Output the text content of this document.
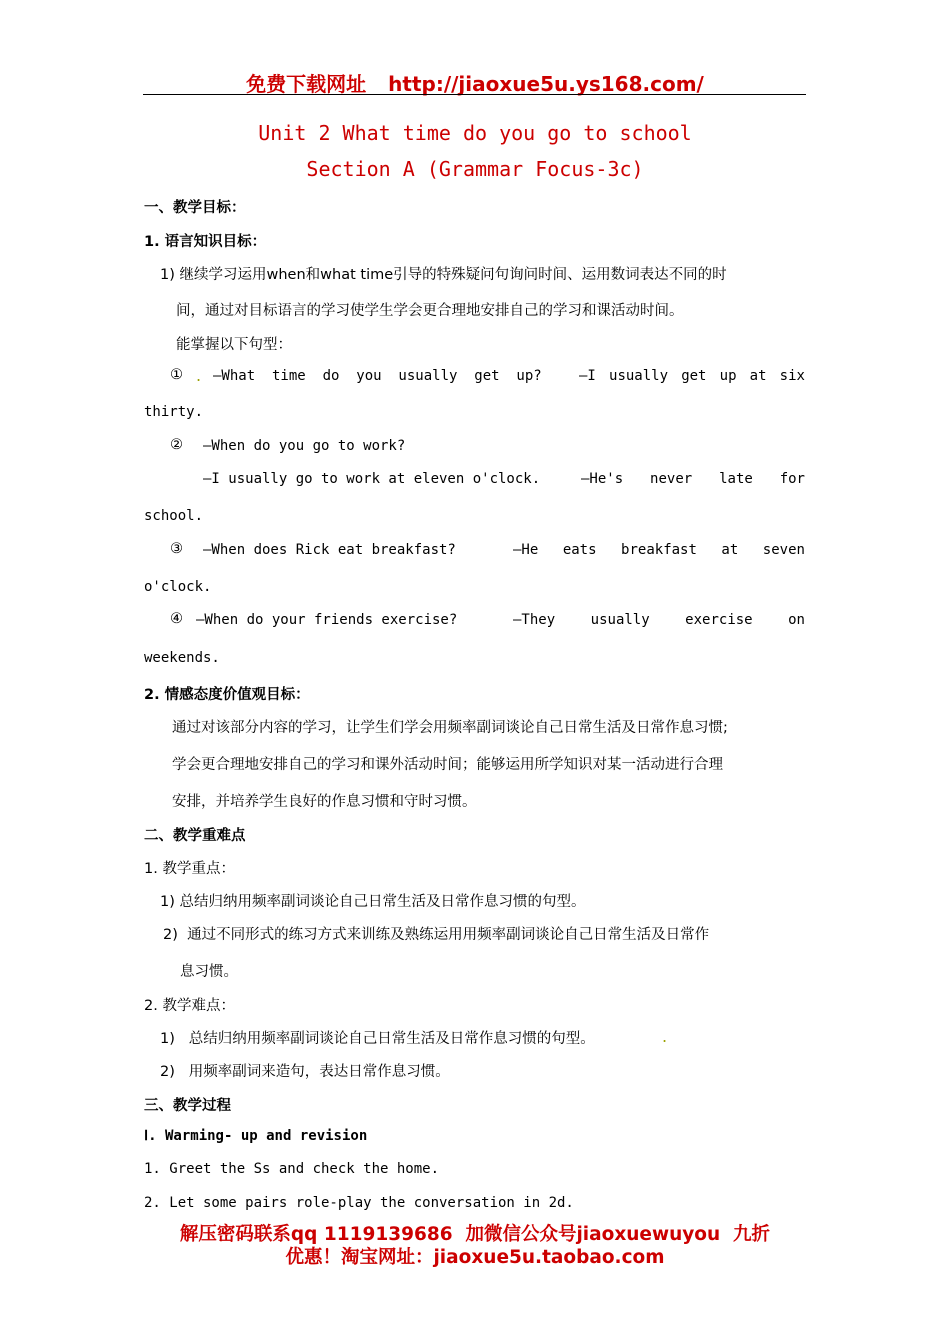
免费下载网址 http://jiaoxue5u.ys168.com/
Unit 2 What time do you go to school
Section A (Grammar Focus-3c)
一、教学目标：
1. 语言知识目标：
1) 继续学习运用when和what time引导的特殊疑问句询问时间、运用数词表达不同的时
间，通过对目标语言的学习使学生学会更合理地安排自己的学习和课活动时间。
能掌握以下句型：
① . —What  time  do  you  usually  get  up?	—I usually get up at six
thirty.
② —When do you go to work?
—I usually go to work at eleven o'clock.	—He's never late for
school.
③ —When does Rick eat breakfast?	—He eats breakfast at seven
o'clock.
④ —When do your friends exercise?	—They	usually	exercise	on
weekends.
2. 情感态度价值观目标：
通过对该部分内容的学习，让学生们学会用频率副词谈论自己日常生活及日常作息习惯;
学会更合理地安排自己的学习和课外活动时间；能够运用所学知识对某一活动进行合理
安排，并培养学生良好的作息习惯和守时习惯。
二、教学重难点
1. 教学重点：
1) 总结归纳用频率副词谈论自己日常生活及日常作息习惯的句型。
2)  通过不同形式的练习方式来训练及熟练运用用频率副词谈论自己日常生活及日常作
息习惯。
2. 教学难点：
1)   总结归纳用频率副词谈论自己日常生活及日常作息习惯的句型。	.
2)   用频率副词来造句，表达日常作息习惯。
三、教学过程
Ⅰ. Warming- up and revision
1. Greet the Ss and check the home.
2. Let some pairs role-play the conversation in 2d.
解压密码联系qq 1119139686  加微信公众号jiaoxuewuyou  九折
优惠！淘宝网址：jiaoxue5u.taobao.com
